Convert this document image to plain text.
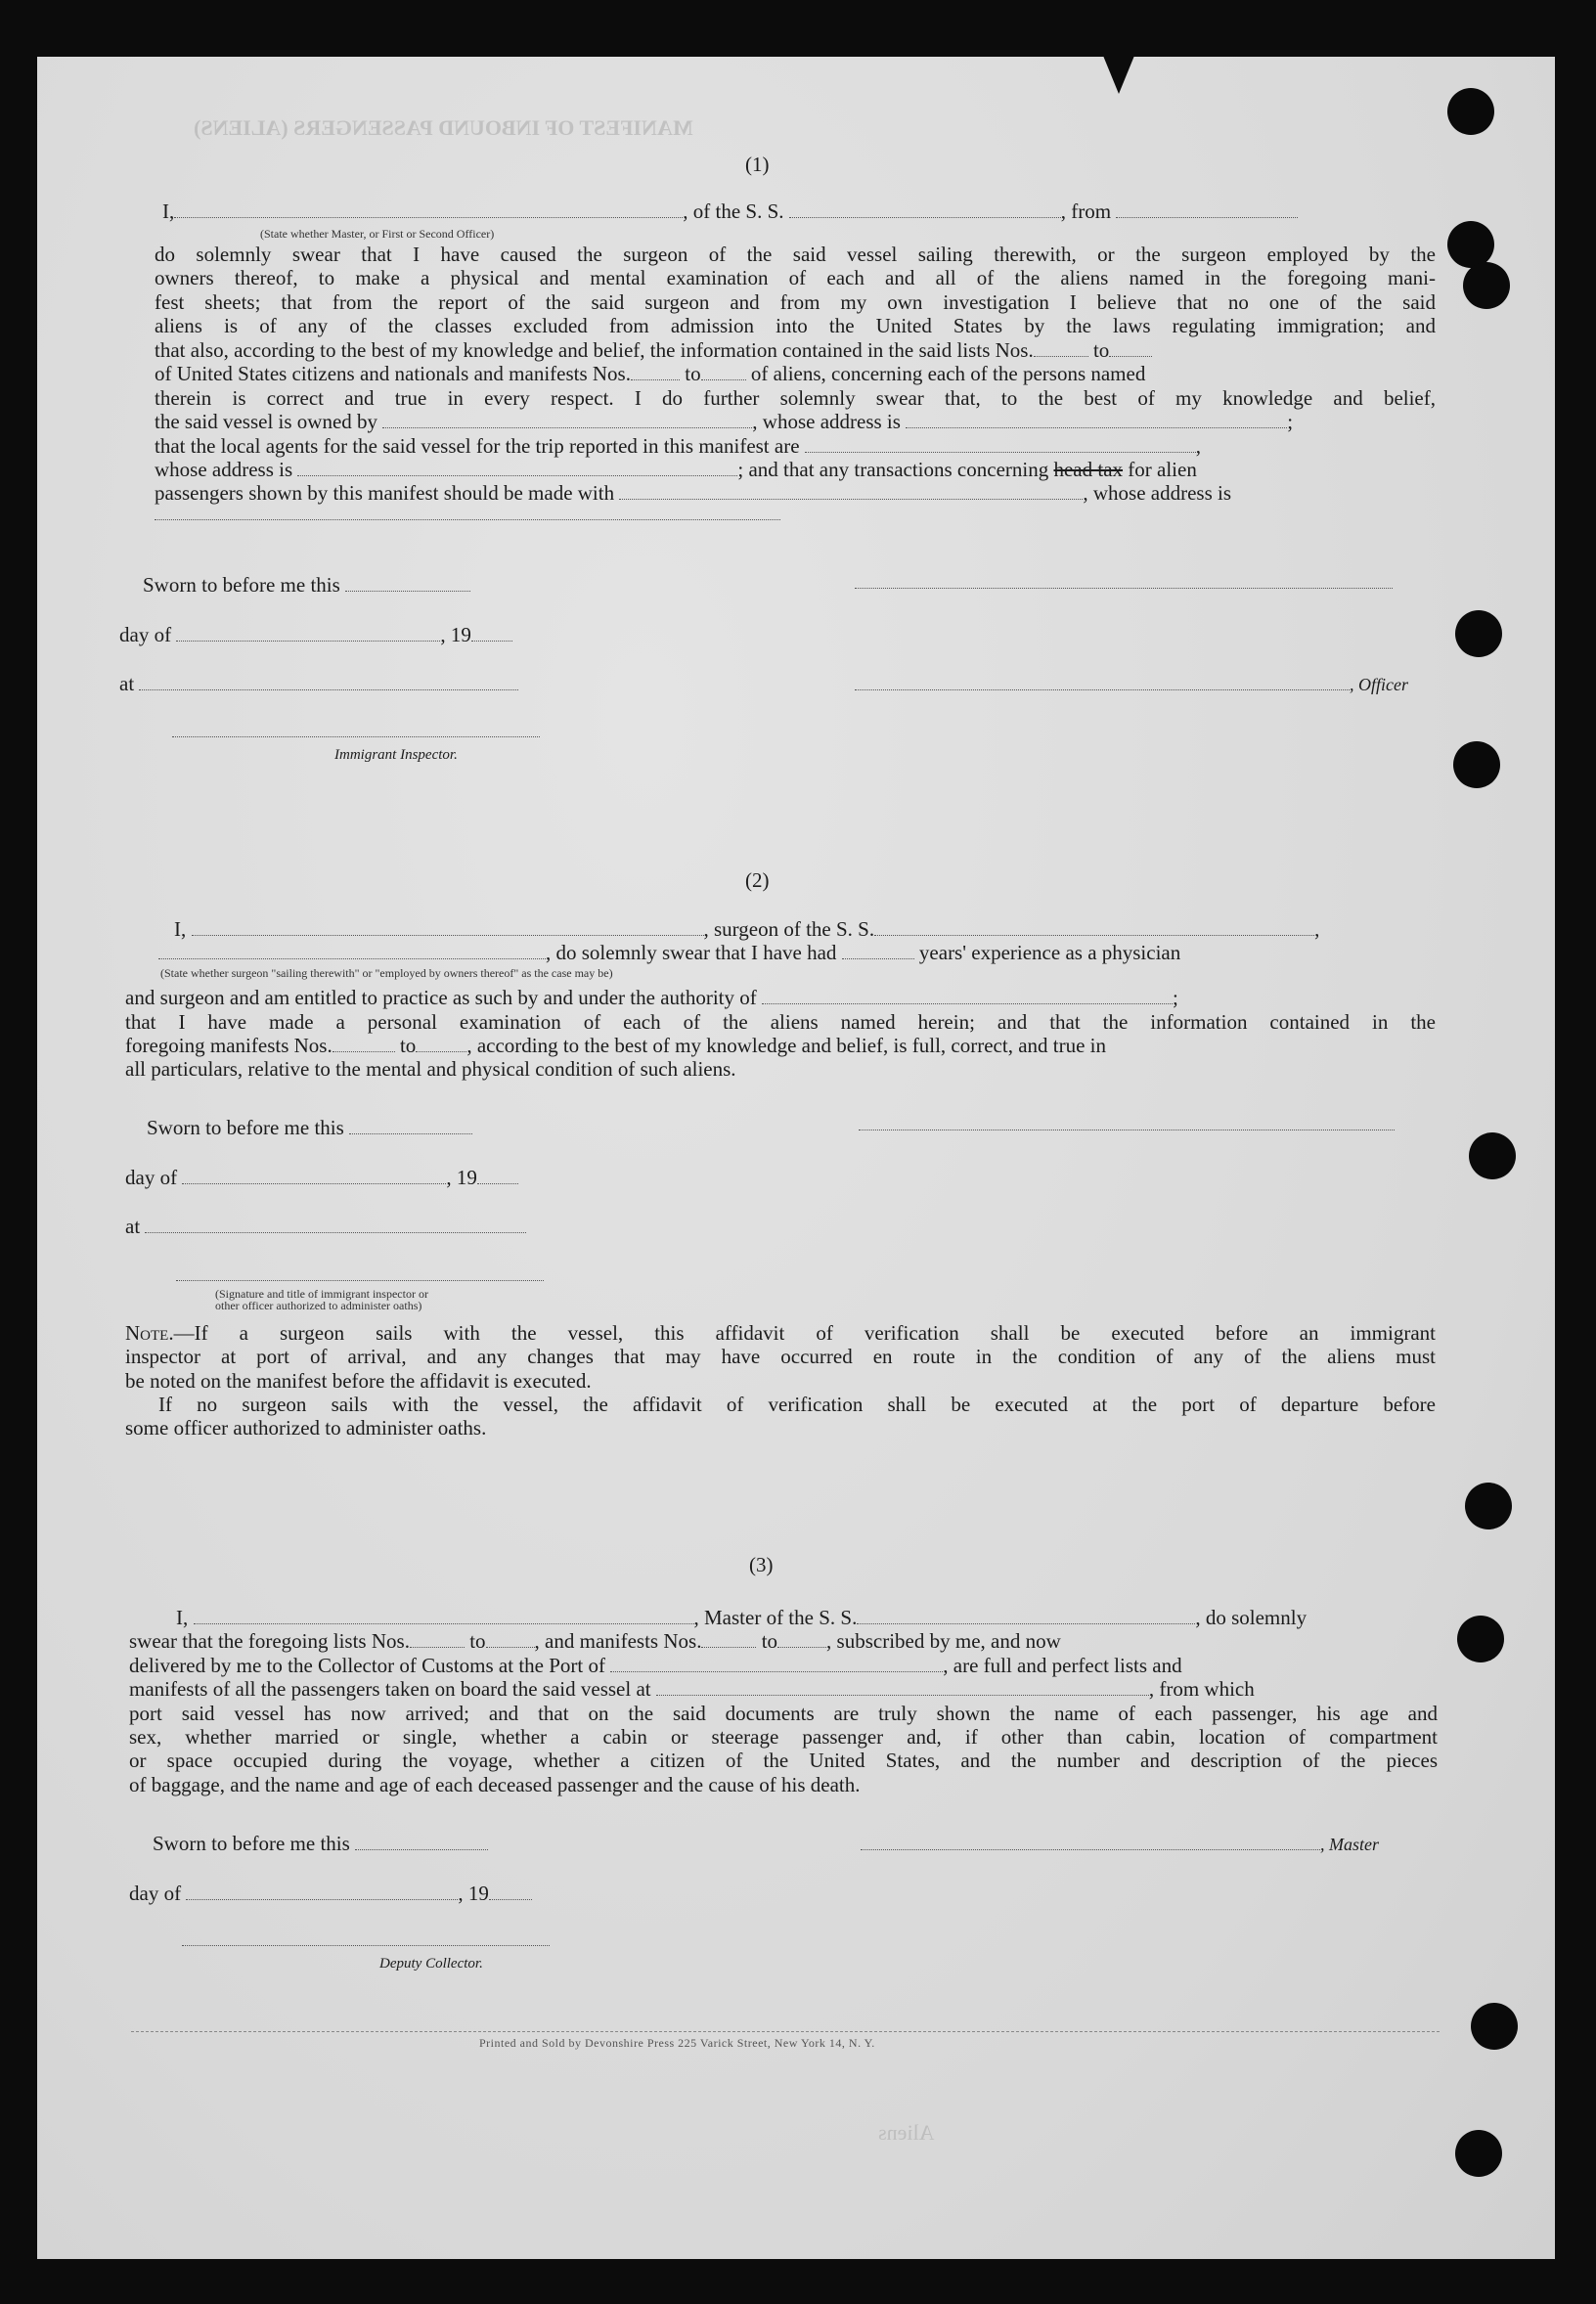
MANIFEST OF INBOUND PASSENGERS (ALIENS)
Aliens
(1)
I,	, of the S. S.	, from
(State whether Master, or First or Second Officer)
do solemnly swear that I have caused the surgeon of the said vessel sailing therewith, or the surgeon employed by the
owners thereof, to make a physical and mental examination of each and all of the aliens named in the foregoing mani-
fest sheets; that from the report of the said surgeon and from my own investigation I believe that no one of the said
aliens is of any of the classes excluded from admission into the United States by the laws regulating immigration; and
that also, according to the best of my knowledge and belief, the information contained in the said lists Nos.	to
of United States citizens and nationals and manifests Nos.	to of aliens, concerning each of the persons named
therein is correct and true in every respect. I do further solemnly swear that, to the best of my knowledge and belief,
the said vessel is owned by	, whose address is	;
that the local agents for the said vessel for the trip reported in this manifest are	,
whose address is	; and that any transactions concerning head tax for alien
passengers shown by this manifest should be made with	, whose address is
Sworn to before me this
day of	, 19
at	, Officer
Immigrant Inspector.
(2)
I,	, surgeon of the S. S.	,
, do solemnly swear that I have had	years' experience as a physician
(State whether surgeon "sailing therewith" or "employed by owners thereof" as the case may be)
and surgeon and am entitled to practice as such by and under the authority of	;
that I have made a personal examination of each of the aliens named herein; and that the information contained in the
foregoing manifests Nos.	to , according to the best of my knowledge and belief, is full, correct, and true in
all particulars, relative to the mental and physical condition of such aliens.
Sworn to before me this
day of	, 19
at
(Signature and title of immigrant inspector or
other officer authorized to administer oaths)
Note.—If a surgeon sails with the vessel, this affidavit of verification shall be executed before an immigrant
inspector at port of arrival, and any changes that may have occurred en route in the condition of any of the aliens must
be noted on the manifest before the affidavit is executed.
If no surgeon sails with the vessel, the affidavit of verification shall be executed at the port of departure before
some officer authorized to administer oaths.
(3)
I,	, Master of the S. S.	, do solemnly
swear that the foregoing lists Nos.	to , and manifests Nos.	to , subscribed by me, and now
delivered by me to the Collector of Customs at the Port of	, are full and perfect lists and
manifests of all the passengers taken on board the said vessel at	, from which
port said vessel has now arrived; and that on the said documents are truly shown the name of each passenger, his age and
sex, whether married or single, whether a cabin or steerage passenger and, if other than cabin, location of compartment
or space occupied during the voyage, whether a citizen of the United States, and the number and description of the pieces
of baggage, and the name and age of each deceased passenger and the cause of his death.
Sworn to before me this	, Master
day of	, 19
Deputy Collector.
Printed and Sold by Devonshire Press 225 Varick Street, New York 14, N. Y.
